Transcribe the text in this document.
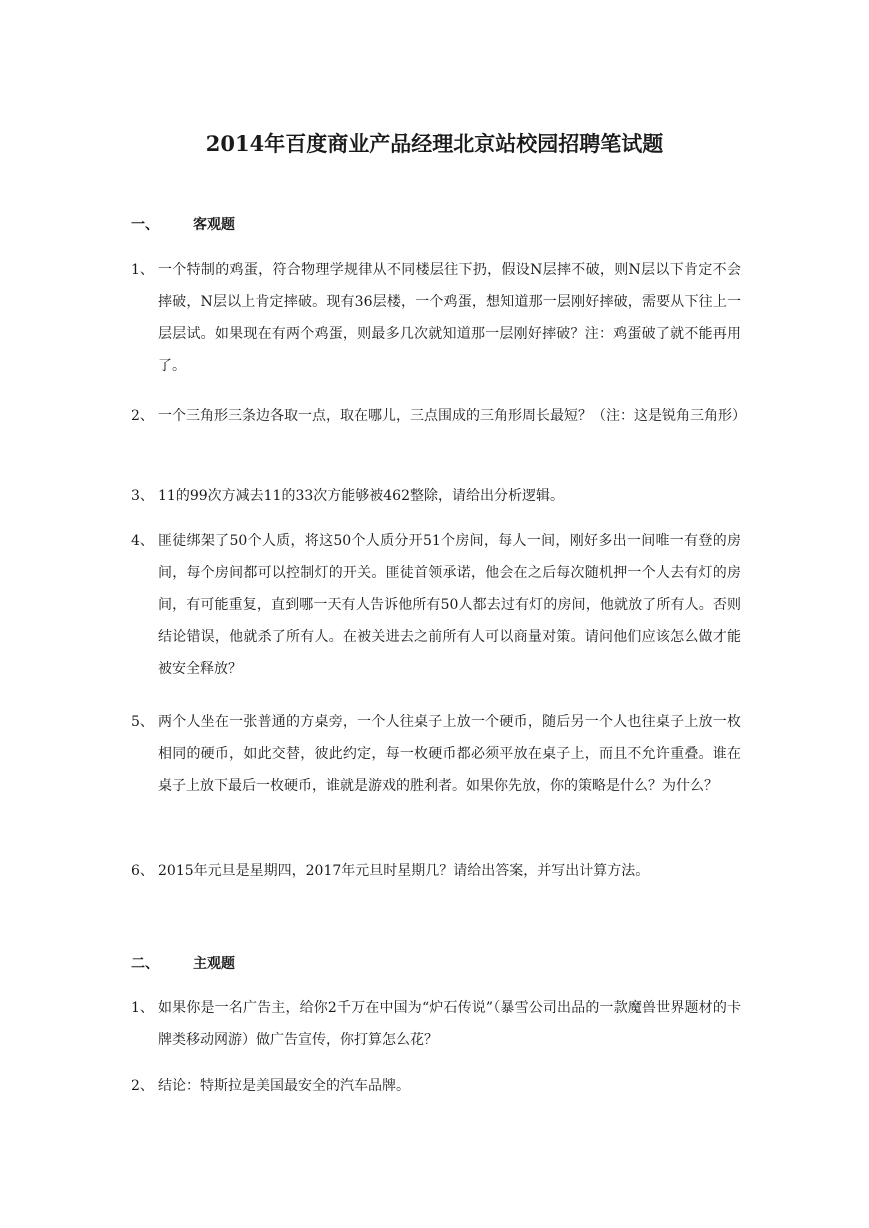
2014年百度商业产品经理北京站校园招聘笔试题
一、 客观题
1、 一个特制的鸡蛋，符合物理学规律从不同楼层往下扔，假设N层摔不破，则N层以下肯定不会摔破，N层以上肯定摔破。现有36层楼，一个鸡蛋，想知道那一层刚好摔破，需要从下往上一层层试。如果现在有两个鸡蛋，则最多几次就知道那一层刚好摔破？注：鸡蛋破了就不能再用了。
2、 一个三角形三条边各取一点，取在哪儿，三点围成的三角形周长最短？（注：这是锐角三角形）
3、 11的99次方减去11的33次方能够被462整除，请给出分析逻辑。
4、 匪徒绑架了50个人质，将这50个人质分开51个房间，每人一间，刚好多出一间唯一有登的房间，每个房间都可以控制灯的开关。匪徒首领承诺，他会在之后每次随机押一个人去有灯的房间，有可能重复，直到哪一天有人告诉他所有50人都去过有灯的房间，他就放了所有人。否则结论错误，他就杀了所有人。在被关进去之前所有人可以商量对策。请问他们应该怎么做才能被安全释放？
5、 两个人坐在一张普通的方桌旁，一个人往桌子上放一个硬币，随后另一个人也往桌子上放一枚相同的硬币，如此交替，彼此约定，每一枚硬币都必须平放在桌子上，而且不允许重叠。谁在桌子上放下最后一枚硬币，谁就是游戏的胜利者。如果你先放，你的策略是什么？为什么？
6、 2015年元旦是星期四，2017年元旦时星期几？请给出答案，并写出计算方法。
二、 主观题
1、 如果你是一名广告主，给你2千万在中国为“炉石传说”（暴雪公司出品的一款魔兽世界题材的卡牌类移动网游）做广告宣传，你打算怎么花？
2、 结论：特斯拉是美国最安全的汽车品牌。
